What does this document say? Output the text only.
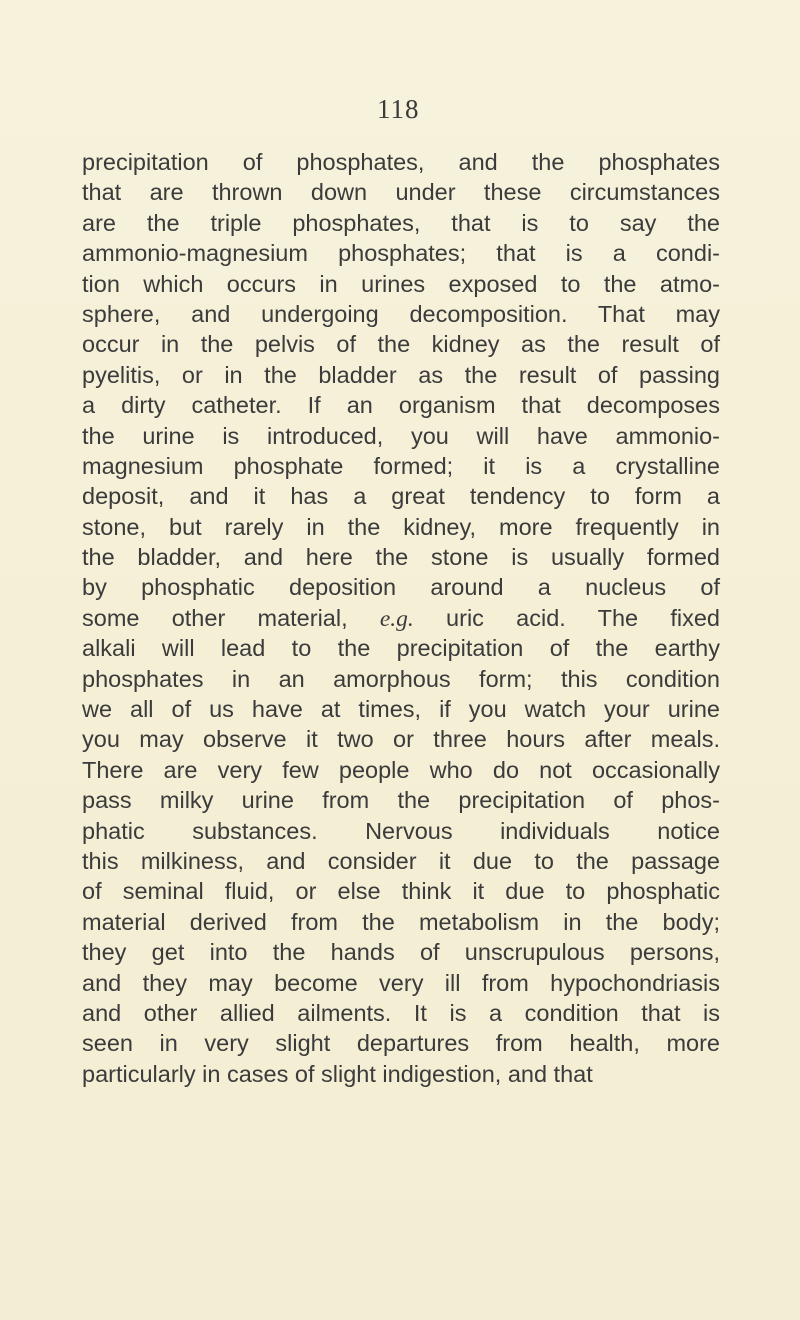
118
precipitation of phosphates, and the phosphates
that are thrown down under these circumstances
are the triple phosphates, that is to say the
ammonio-magnesium phosphates; that is a condi-
tion which occurs in urines exposed to the atmo-
sphere, and undergoing decomposition. That may
occur in the pelvis of the kidney as the result of
pyelitis, or in the bladder as the result of passing
a dirty catheter. If an organism that decomposes
the urine is introduced, you will have ammonio-
magnesium phosphate formed; it is a crystalline
deposit, and it has a great tendency to form a
stone, but rarely in the kidney, more frequently in
the bladder, and here the stone is usually formed
by phosphatic deposition around a nucleus of
some other material, e.g. uric acid. The fixed
alkali will lead to the precipitation of the earthy
phosphates in an amorphous form; this condition
we all of us have at times, if you watch your urine
you may observe it two or three hours after meals.
There are very few people who do not occasionally
pass milky urine from the precipitation of phos-
phatic substances. Nervous individuals notice
this milkiness, and consider it due to the passage
of seminal fluid, or else think it due to phosphatic
material derived from the metabolism in the body;
they get into the hands of unscrupulous persons,
and they may become very ill from hypochondriasis
and other allied ailments. It is a condition that is
seen in very slight departures from health, more
particularly in cases of slight indigestion, and that
